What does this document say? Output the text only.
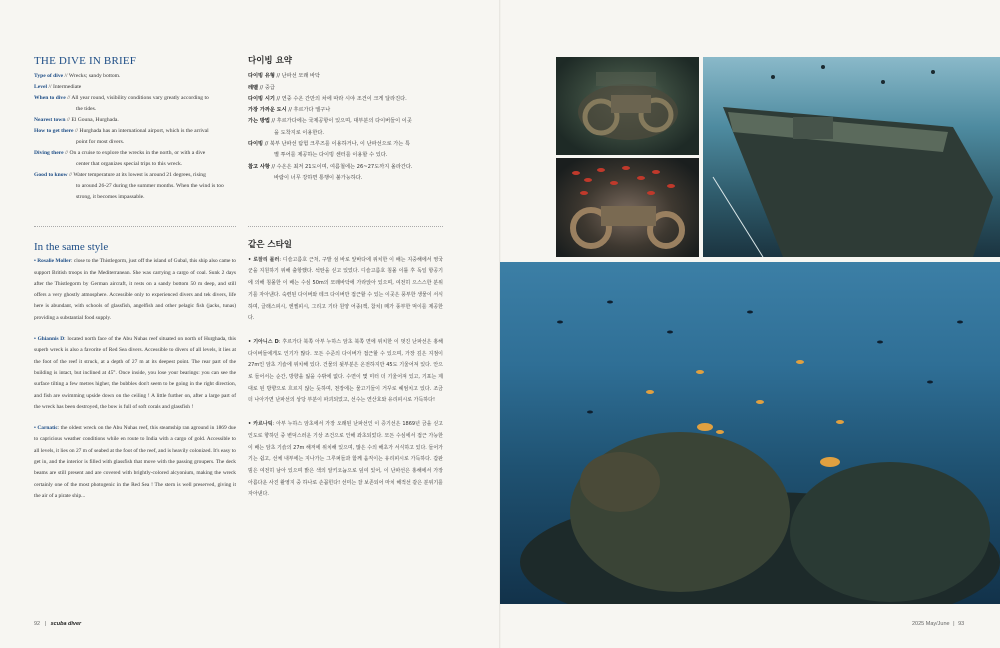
THE DIVE IN BRIEF

Type of dive // Wrecks; sandy bottom.

Level // Intermediate

When to dive // All year round, visibility conditions vary greatly according to

the tides.

Nearest town // El Gouna, Hurghada.

How to get there // Hurghada has an international airport, which is the arrival

point for most divers.

Diving there // On a cruise to explore the wrecks in the north, or with a dive

center that organizes special trips to this wreck.

Good to know // Water temperature at its lowest is around 21 degrees, rising

to around 26-27 during the summer months. When the wind is too strong, it becomes impassable.

In the same style

• Rosalie Moller: close to the Thistlegorm, just off the island of Gubal, this ship also came to support British troops in the Mediterranean. She was carrying a cargo of coal. Sunk 2 days after the Thistlegorm by German aircraft, it rests on a sandy bottom 50 m deep, and still offers a very ghostly atmosphere. Accessible only to experienced divers and tek divers, life here is abundant, with schools of glassfish, angelfish and other pelagic fish (jacks, tunas) providing a substantial food supply.

• Ghiannis D: located north face of the Abu Nuhas reef situated on north of Hurghada, this superb wreck is also a favorite of Red Sea divers. Accessible to divers of all levels, it lies at the foot of the reef it struck, at a depth of 27 m at its deepest point. The rear part of the building is intact, but inclined at 45°. Once inside, you lose your bearings: you can see the surface tilting a few metres higher, the bubbles don't seem to be going in the right direction, and fish are swimming upside down on the ceiling ! A little further on, after a large part of the wreck has been destroyed, the bow is full of soft corals and glassfish !

• Carnatic: the oldest wreck on the Abu Nuhas reef, this steamship ran aground in 1869 due to capricious weather conditions while en route to India with a cargo of gold. Accessible to all levels, it lies on 27 m of seabed at the foot of the reef, and is heavily colonized. It's easy to get in, and the interior is filled with glassfish that move with the passing groupers. The deck beams are still present and are covered with brightly-colored alcyonium, making the wreck certainly one of the most photogenic in the Red Sea ! The stern is well preserved, giving it the air of a pirate ship...

다이빙 요약

다이빙 유형 // 난파선 모래 바닥

레벨 // 중급

다이빙 시기 // 연중 수온 간만의 차에 따라 시야 조건이 크게 달라진다.

가장 가까운 도시 // 후르가다 엘구나

가는 방법 // 후르가다에는 국제공항이 있으며, 대부분의 다이버들이 이곳

을 도착지로 이용한다.

다이빙 // 북부 난파선 탐험 크루즈를 이용하거나, 이 난파선으로 가는 특

별 투어를 제공하는 다이빙 센터를 이용할 수 있다.

참고 사항 // 수온은 최저 21도이며, 여름철에는 26~27도까지 올라간다.

바람이 너무 강하면 통행이 불가능하다.

같은 스타일

• 로잘리 몰러: 디슬고름호 근처, 구발 섬 바로 앞바다에 위치한 이 배는 지중해에서 영국군을 지원하기 위해 출항했다. 석탄을 싣고 있었다. 디슬고름호 침몰 이틀 후 독일 항공기에 의해 침몰한 이 배는 수심 50m의 모래바닥에 가라앉아 있으며, 여전히 으스스한 분위기를 자아낸다. 숙련된 다이버와 테크 다이버만 접근할 수 있는 이곳은 풍부한 생물이 서식하며, 글래스피시, 엔젤피시, 그리고 기타 원양 어종(잭, 참치) 떼가 풍부한 먹이를 제공한다.

• 기아니스 D: 후르가다 북쪽 아부 누하스 암초 북쪽 면에 위치한 이 멋진 난파선은 홍해 다이버들에게도 인기가 많다. 모든 수준의 다이버가 접근할 수 있으며, 가장 깊은 지점이 27m인 암초 기슭에 위치해 있다. 건물의 뒷부분은 온전하지만 45도 기울어져 있다. 안으로 들어서는 순간, 방향을 잃을 수밖에 없다. 수면이 몇 미터 더 기울어져 있고, 기포는 제대로 된 방향으로 흐르지 않는 듯하며, 천장에는 물고기들이 거꾸로 헤엄치고 있다. 조금 더 나아가면 난파선의 상당 부분이 파괴되었고, 선수는 연산호와 유리피시로 가득하다!

• 카르나틱: 아부 누하스 암초에서 가장 오래된 난파선인 이 증기선은 1869년 금을 싣고 인도로 향하던 중 변덕스러운 기상 조건으로 인해 좌초되었다. 모든 수심에서 접근 가능한 이 배는 암초 기슭의 27m 해저에 위치해 있으며, 많은 수의 해초가 서식하고 있다. 들어가기는 쉽고, 선체 내부에는 지나가는 그루퍼들과 함께 움직이는 유리피시로 가득하다. 갑판 빔은 여전히 남아 있으며 밝은 색의 알키오늄으로 덮여 있어, 이 난파선은 홍해에서 가장 아름다운 사진 촬영지 중 하나로 손꼽힌다! 선미는 잘 보존되어 마치 해적선 같은 분위기를 자아낸다.

92 | scuba diver	2025 May/June | 93
